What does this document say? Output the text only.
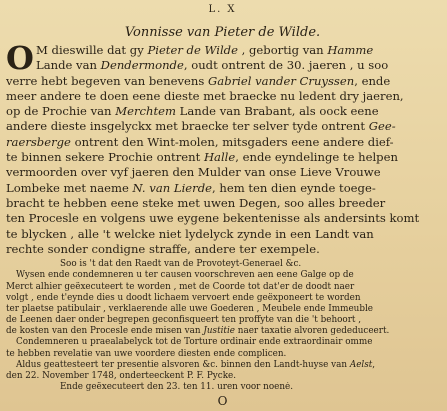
L. X
Vonnisse van Pieter de Wilde.
O M dieswille dat gy Pieter de Wilde , gebortig van Hamme
Lande van Dendermonde, oudt ontrent de 30. jaeren , u soo
verre hebt begeven van benevens Gabriel vander Cruyssen, ende
meer andere te doen eene dieste met braecke nu ledent dry jaeren,
op de Prochie van Merchtem Lande van Brabant, als oock eene
andere dieste insgelyckx met braecke ter selver tyde ontrent Gee-
raersberge ontrent den Wint-molen, mitsgaders eene andere dief-
te binnen sekere Prochie ontrent Halle, ende eyndelinge te helpen
vermoorden over vyf jaeren den Mulder van onse Lieve Vrouwe
Lombeke met naeme N. van Lierde, hem ten dien eynde toege-
bracht te hebben eene steke met uwen Degen, soo alles breeder
ten Procesle en volgens uwe eygene bekentenisse als andersints komt
te blycken , alle 't welcke niet lydelyck zynde in een Landt van
rechte sonder condigne straffe, andere ter exempele.
Soo is 't dat den Raedt van de Provoteyt-Generael &c.
Wysen ende condemneren u ter causen voorschreven aen eene Galge op de
Merct alhier geëxecuteert te worden , met de Coorde tot dat'er de doodt naer
volgt , ende t'eynde dies u doodt lichaem vervoert ende geëxponeert te worden
ter plaetse patibulair , verklaerende alle uwe Goederen , Meubele ende Immeuble
de Leenen daer onder begrepen geconfisqueert ten proffyte van die 't behoort ,
de kosten van den Procesle ende misen van Justitie naer taxatie alvoren gededuceert.
Condemneren u praealabelyck tot de Torture ordinair ende extraordinair omme
te hebben revelatie van uwe voordere diesten ende complicen.
Aldus geattesteert ter presentie alsvoren &c. binnen den Landt-huyse van Aelst,
den 22. November 1748, onderteeckent P. F. Pycke.
Ende geëxecuteert den 23. ten 11. uren voor noené.
O
